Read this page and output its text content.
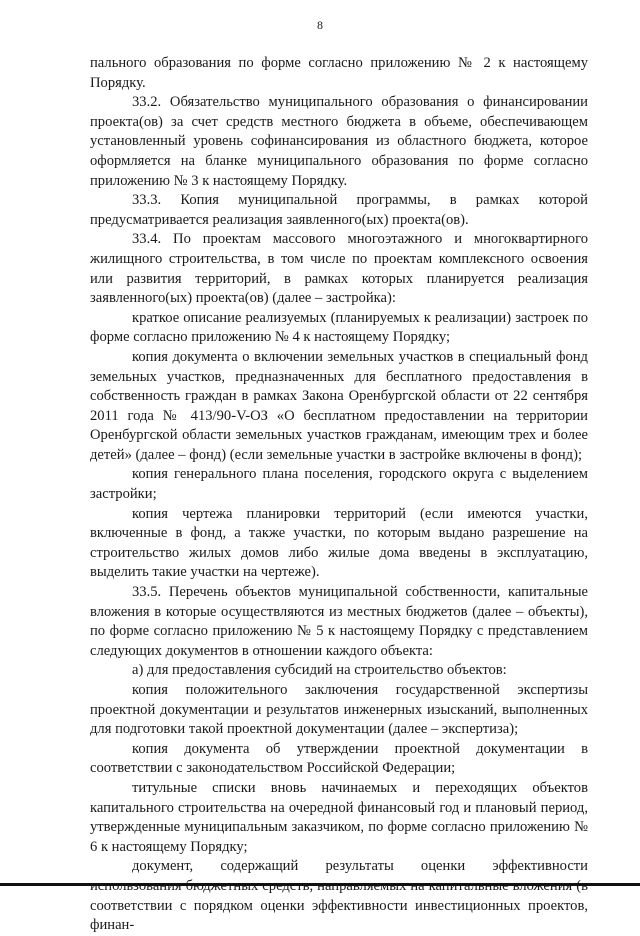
8

пального образования по форме согласно приложению № 2 к настоящему Порядку.

33.2. Обязательство муниципального образования о финансировании проекта(ов) за счет средств местного бюджета в объеме, обеспечивающем установленный уровень софинансирования из областного бюджета, которое оформляется на бланке муниципального образования по форме согласно приложению № 3 к настоящему Порядку.

33.3. Копия муниципальной программы, в рамках которой предусматривается реализация заявленного(ых) проекта(ов).

33.4. По проектам массового многоэтажного и многоквартирного жилищного строительства, в том числе по проектам комплексного освоения или развития территорий, в рамках которых планируется реализация заявленного(ых) проекта(ов) (далее – застройка):

краткое описание реализуемых (планируемых к реализации) застроек по форме согласно приложению № 4 к настоящему Порядку;

копия документа о включении земельных участков в специальный фонд земельных участков, предназначенных для бесплатного предоставления в собственность граждан в рамках Закона Оренбургской области от 22 сентября 2011 года № 413/90-V-ОЗ «О бесплатном предоставлении на территории Оренбургской области земельных участков гражданам, имеющим трех и более детей» (далее – фонд) (если земельные участки в застройке включены в фонд);

копия генерального плана поселения, городского округа с выделением застройки;

копия чертежа планировки территорий (если имеются участки, включенные в фонд, а также участки, по которым выдано разрешение на строительство жилых домов либо жилые дома введены в эксплуатацию, выделить такие участки на чертеже).

33.5. Перечень объектов муниципальной собственности, капитальные вложения в которые осуществляются из местных бюджетов (далее – объекты), по форме согласно приложению № 5 к настоящему Порядку с представлением следующих документов в отношении каждого объекта:

а) для предоставления субсидий на строительство объектов:

копия положительного заключения государственной экспертизы проектной документации и результатов инженерных изысканий, выполненных для подготовки такой проектной документации (далее – экспертиза);

копия документа об утверждении проектной документации в соответствии с законодательством Российской Федерации;

титульные списки вновь начинаемых и переходящих объектов капитального строительства на очередной финансовый год и плановый период, утвержденные муниципальным заказчиком, по форме согласно приложению № 6 к настоящему Порядку;

документ, содержащий результаты оценки эффективности соответствии с порядком оценки эффективности инвестиционных проектов, финан-
